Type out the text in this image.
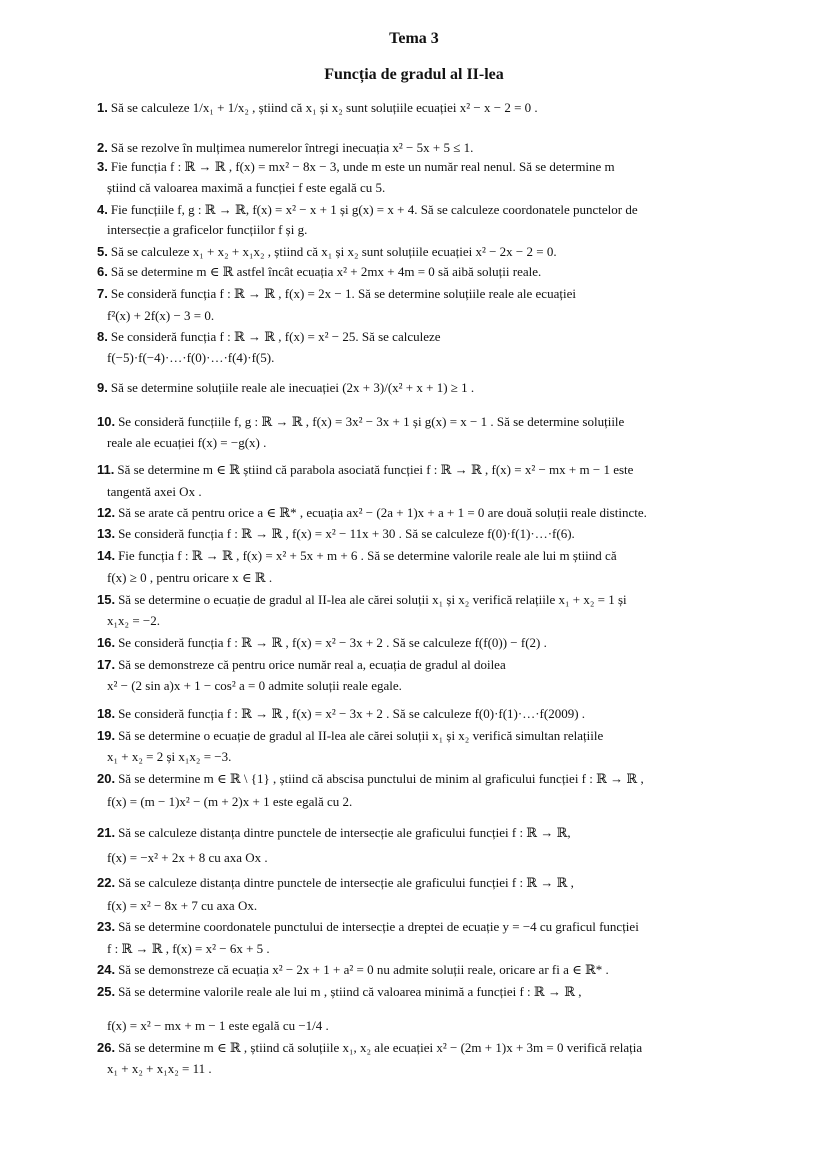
Tema 3
Funcția de gradul al II-lea
1. Să se calculeze 1/x₁ + 1/x₂ , știind că x₁ și x₂ sunt soluțiile ecuației x² − x − 2 = 0 .
2. Să se rezolve în mulțimea numerelor întregi inecuația x² − 5x + 5 ≤ 1.
3. Fie funcția f : ℝ → ℝ , f(x) = mx² − 8x − 3, unde m este un număr real nenul. Să se determine m
știind că valoarea maximă a funcției f este egală cu 5.
4. Fie funcțiile f, g : ℝ → ℝ, f(x) = x² − x + 1 și g(x) = x + 4. Să se calculeze coordonatele punctelor de
intersecție a graficelor funcțiilor f și g.
5. Să se calculeze x₁ + x₂ + x₁x₂ , știind că x₁ și x₂ sunt soluțiile ecuației x² − 2x − 2 = 0.
6. Să se determine m ∈ ℝ astfel încât ecuația x² + 2mx + 4m = 0 să aibă soluții reale.
7. Se consideră funcția f : ℝ → ℝ , f(x) = 2x − 1. Să se determine soluțiile reale ale ecuației
f²(x) + 2f(x) − 3 = 0.
8. Se consideră funcția f : ℝ → ℝ , f(x) = x² − 25. Să se calculeze
f(−5)·f(−4)·…·f(0)·…·f(4)·f(5).
9. Să se determine soluțiile reale ale inecuației (2x + 3)/(x² + x + 1) ≥ 1 .
10. Se consideră funcțiile f, g : ℝ → ℝ , f(x) = 3x² − 3x + 1 și g(x) = x − 1 . Să se determine soluțiile
reale ale ecuației f(x) = −g(x) .
11. Să se determine m ∈ ℝ știind că parabola asociată funcției f : ℝ → ℝ , f(x) = x² − mx + m − 1 este
tangentă axei Ox .
12. Să se arate că pentru orice a ∈ ℝ* , ecuația ax² − (2a + 1)x + a + 1 = 0 are două soluții reale distincte.
13. Se consideră funcția f : ℝ → ℝ , f(x) = x² − 11x + 30 . Să se calculeze f(0)·f(1)·…·f(6).
14. Fie funcția f : ℝ → ℝ , f(x) = x² + 5x + m + 6 . Să se determine valorile reale ale lui m știind că
f(x) ≥ 0 , pentru oricare x ∈ ℝ .
15. Să se determine o ecuație de gradul al II-lea ale cărei soluții x₁ și x₂ verifică relațiile x₁ + x₂ = 1 și
x₁x₂ = −2.
16. Se consideră funcția f : ℝ → ℝ , f(x) = x² − 3x + 2 . Să se calculeze f(f(0)) − f(2) .
17. Să se demonstreze că pentru orice număr real a, ecuația de gradul al doilea
x² − (2 sin a)x + 1 − cos² a = 0 admite soluții reale egale.
18. Se consideră funcția f : ℝ → ℝ , f(x) = x² − 3x + 2 . Să se calculeze f(0)·f(1)·…·f(2009) .
19. Să se determine o ecuație de gradul al II-lea ale cărei soluții x₁ și x₂ verifică simultan relațiile
x₁ + x₂ = 2 și x₁x₂ = −3.
20. Să se determine m ∈ ℝ \ {1} , știind că abscisa punctului de minim al graficului funcției f : ℝ → ℝ ,
f(x) = (m − 1)x² − (m + 2)x + 1 este egală cu 2.
21. Să se calculeze distanța dintre punctele de intersecție ale graficului funcției f : ℝ → ℝ,
f(x) = −x² + 2x + 8 cu axa Ox .
22. Să se calculeze distanța dintre punctele de intersecție ale graficului funcției f : ℝ → ℝ ,
f(x) = x² − 8x + 7 cu axa Ox.
23. Să se determine coordonatele punctului de intersecție a dreptei de ecuație y = −4 cu graficul funcției
f : ℝ → ℝ , f(x) = x² − 6x + 5 .
24. Să se demonstreze că ecuația x² − 2x + 1 + a² = 0 nu admite soluții reale, oricare ar fi a ∈ ℝ* .
25. Să se determine valorile reale ale lui m , știind că valoarea minimă a funcției f : ℝ → ℝ ,
f(x) = x² − mx + m − 1 este egală cu −1/4 .
26. Să se determine m ∈ ℝ , știind că soluțiile x₁, x₂ ale ecuației x² − (2m + 1)x + 3m = 0 verifică relația
x₁ + x₂ + x₁x₂ = 11 .
